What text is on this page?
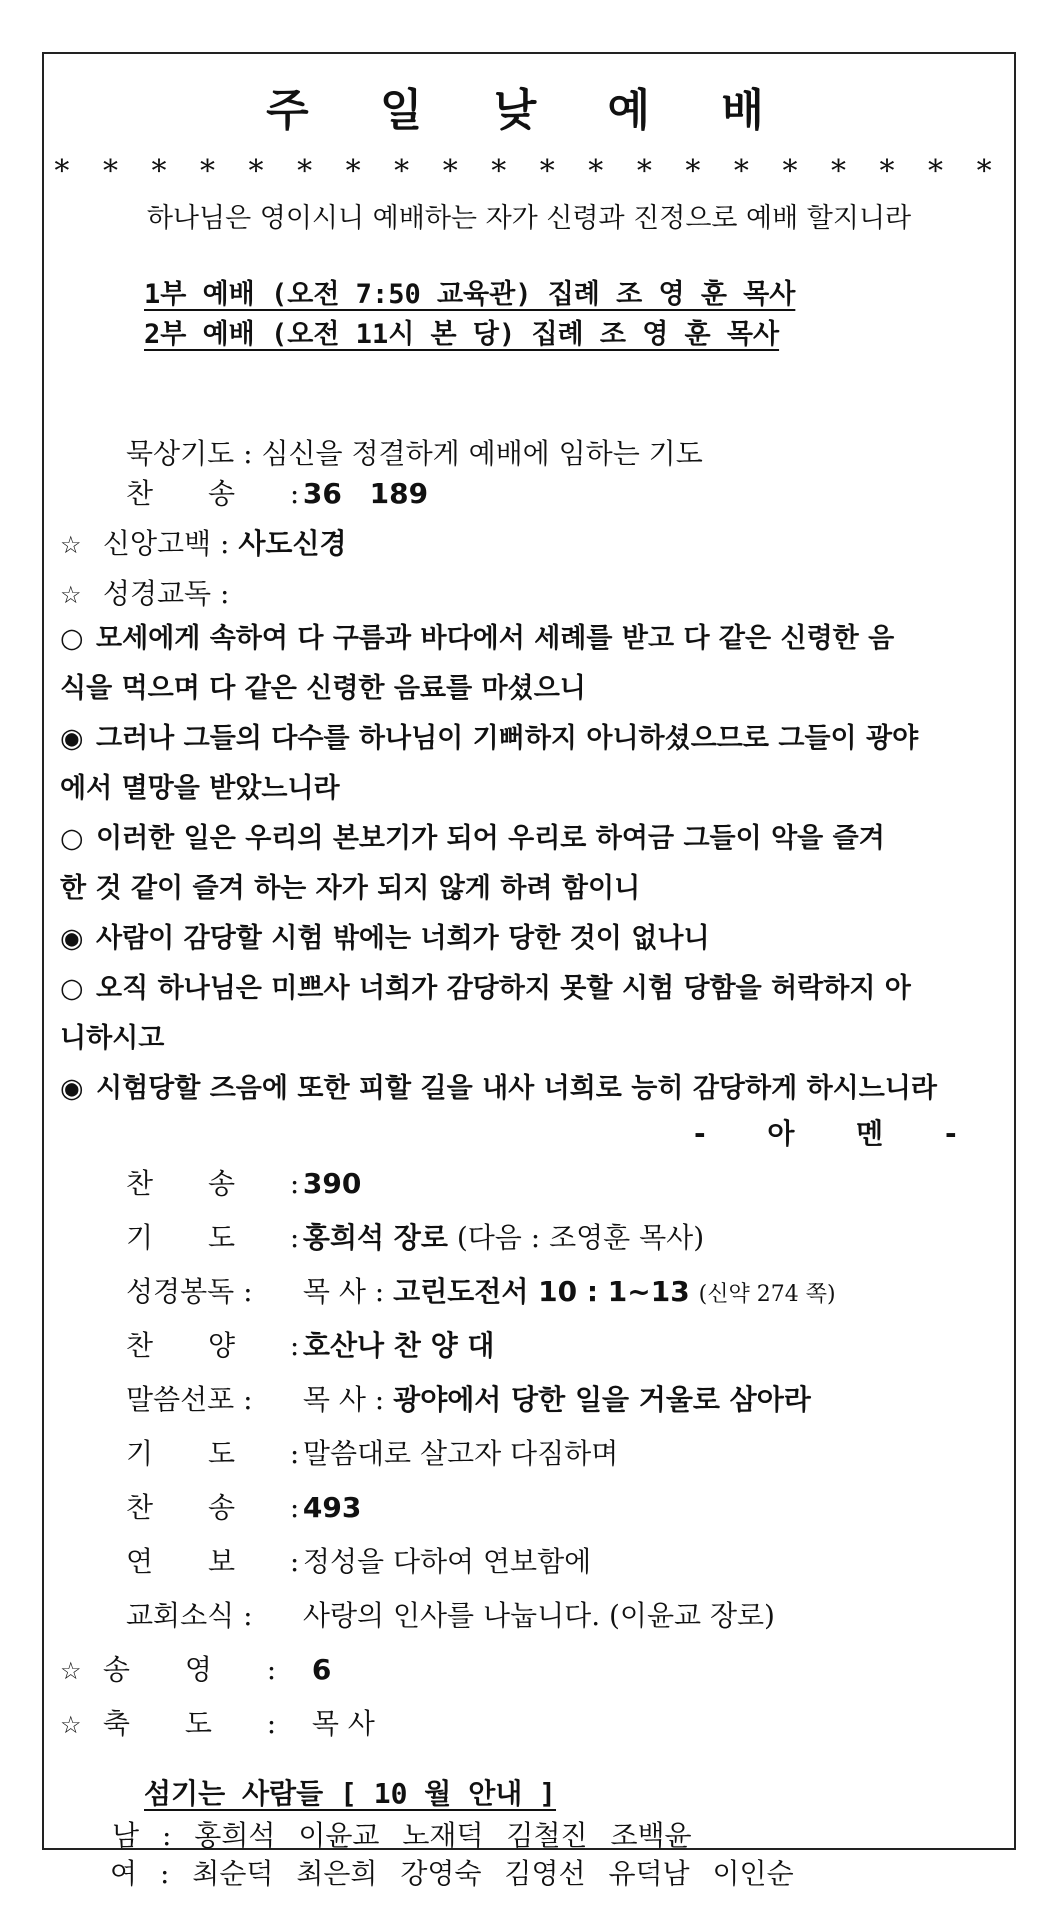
주 일 낮 예 배
* * * * * * * * * * * * * * * * * * * *
하나님은 영이시니 예배하는 자가 신령과 진정으로 예배 할지니라
1부 예배 (오전 7:50 교육관) 집례 조 영 훈 목사
2부 예배 (오전 11시 본 당) 집례 조 영 훈 목사
묵상기도 : 심신을 정결하게 예배에 임하는 기도
찬 송 : 36 189
☆ 신앙고백 : 사도신경
☆ 성경교독 :
○ 모세에게 속하여 다 구름과 바다에서 세례를 받고 다 같은 신령한 음
식을 먹으며 다 같은 신령한 음료를 마셨으니
◉ 그러나 그들의 다수를 하나님이 기뻐하지 아니하셨으므로 그들이 광야
에서 멸망을 받았느니라
○ 이러한 일은 우리의 본보기가 되어 우리로 하여금 그들이 악을 즐겨
한 것 같이 즐겨 하는 자가 되지 않게 하려 함이니
◉ 사람이 감당할 시험 밖에는 너희가 당한 것이 없나니
○ 오직 하나님은 미쁘사 너희가 감당하지 못할 시험 당함을 허락하지 아
니하시고
◉ 시험당할 즈음에 또한 피할 길을 내사 너희로 능히 감당하게 하시느니라
- 아 멘 -
찬 송 : 390
기 도 : 홍희석 장로 (다음 : 조영훈 목사)
성경봉독 : 목 사 : 고린도전서 10 : 1~13 (신약 274 쪽)
찬 양 : 호산나 찬 양 대
말씀선포 : 목 사 : 광야에서 당한 일을 거울로 삼아라
기 도 : 말씀대로 살고자 다짐하며
찬 송 : 493
연 보 : 정성을 다하여 연보함에
교회소식 : 사랑의 인사를 나눕니다. (이윤교 장로)
☆ 송 영 : 6
☆ 축 도 : 목 사
섬기는 사람들 [ 10 월 안내 ]
남 : 홍희석 이윤교 노재덕 김철진 조백윤
여 : 최순덕 최은희 강영숙 김영선 유덕남 이인순
